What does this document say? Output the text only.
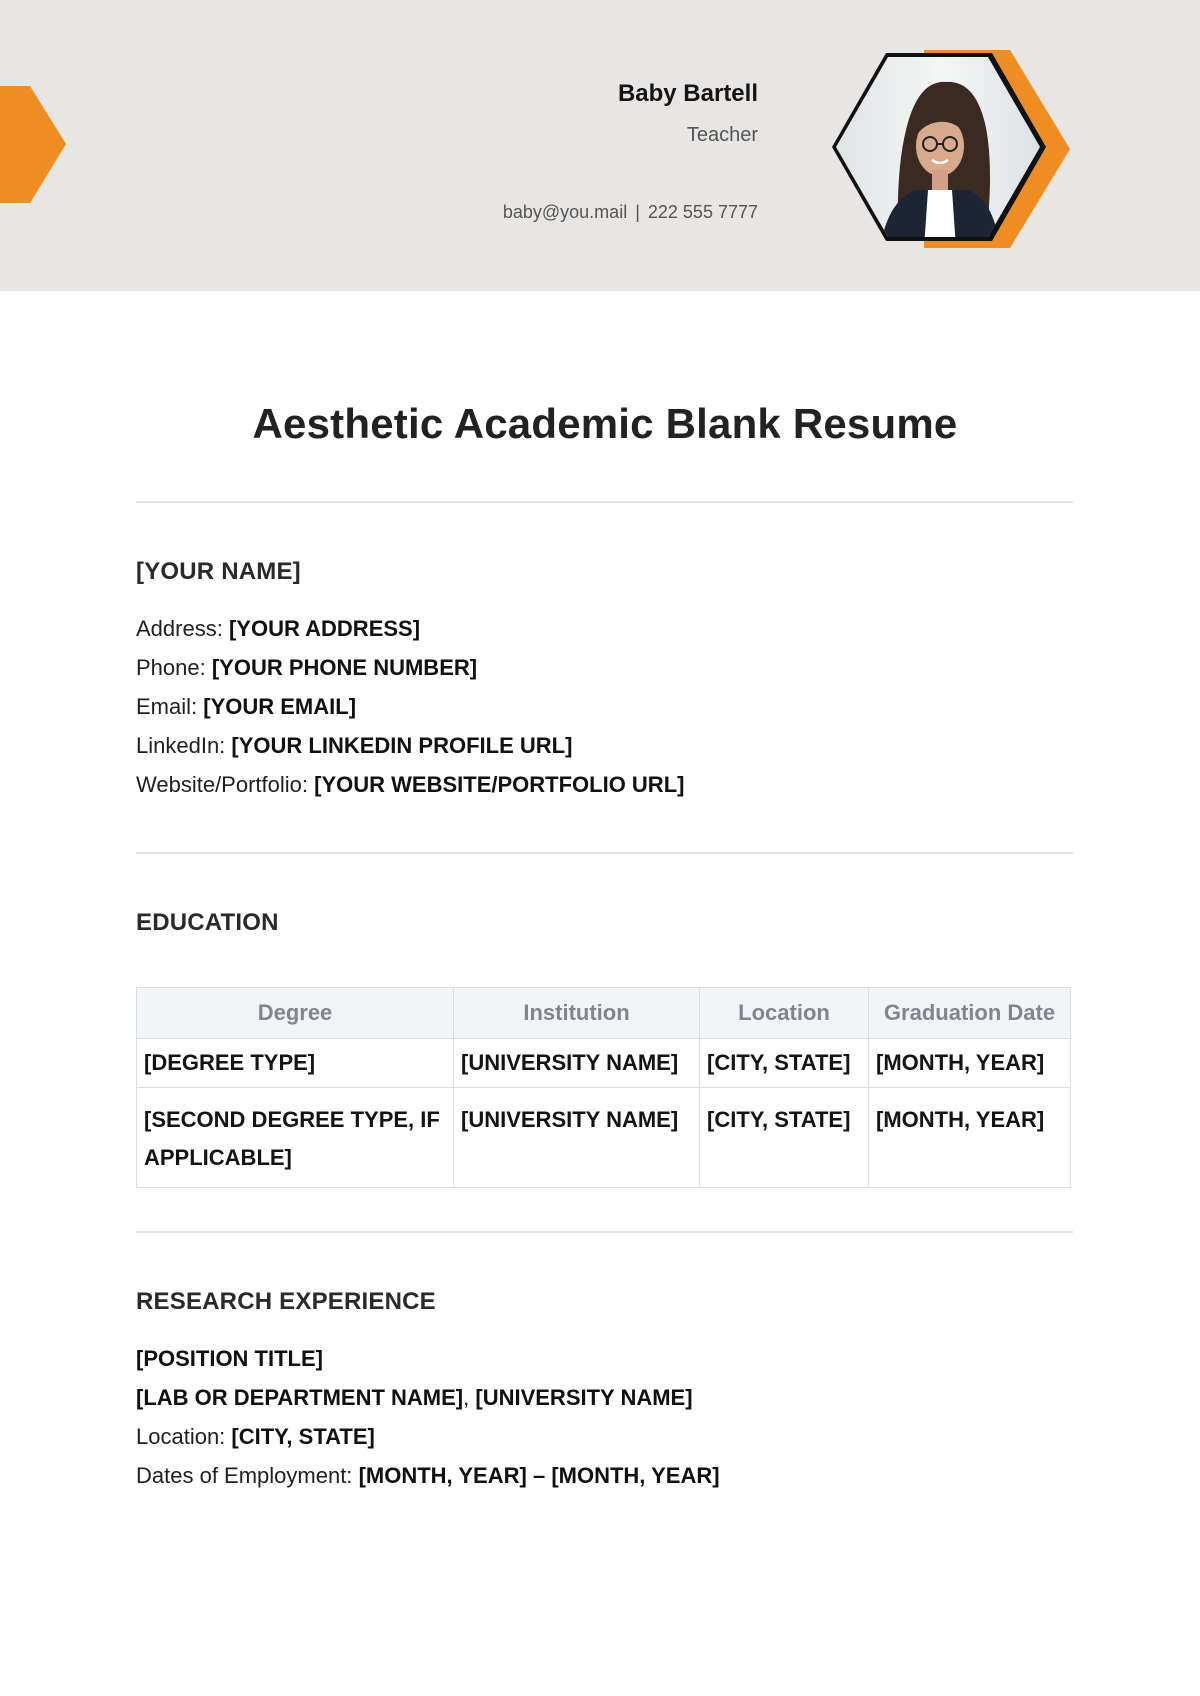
Baby Bartell
Teacher
baby@you.mail | 222 555 7777
Aesthetic Academic Blank Resume
[YOUR NAME]
Address: [YOUR ADDRESS]
Phone: [YOUR PHONE NUMBER]
Email: [YOUR EMAIL]
LinkedIn: [YOUR LINKEDIN PROFILE URL]
Website/Portfolio: [YOUR WEBSITE/PORTFOLIO URL]
EDUCATION
Degree	Institution	Location	Graduation Date
[DEGREE TYPE]	[UNIVERSITY NAME]	[CITY, STATE]	[MONTH, YEAR]
[SECOND DEGREE TYPE, IF APPLICABLE]	[UNIVERSITY NAME]	[CITY, STATE]	[MONTH, YEAR]
RESEARCH EXPERIENCE
[POSITION TITLE]
[LAB OR DEPARTMENT NAME], [UNIVERSITY NAME]
Location: [CITY, STATE]
Dates of Employment: [MONTH, YEAR] – [MONTH, YEAR]
